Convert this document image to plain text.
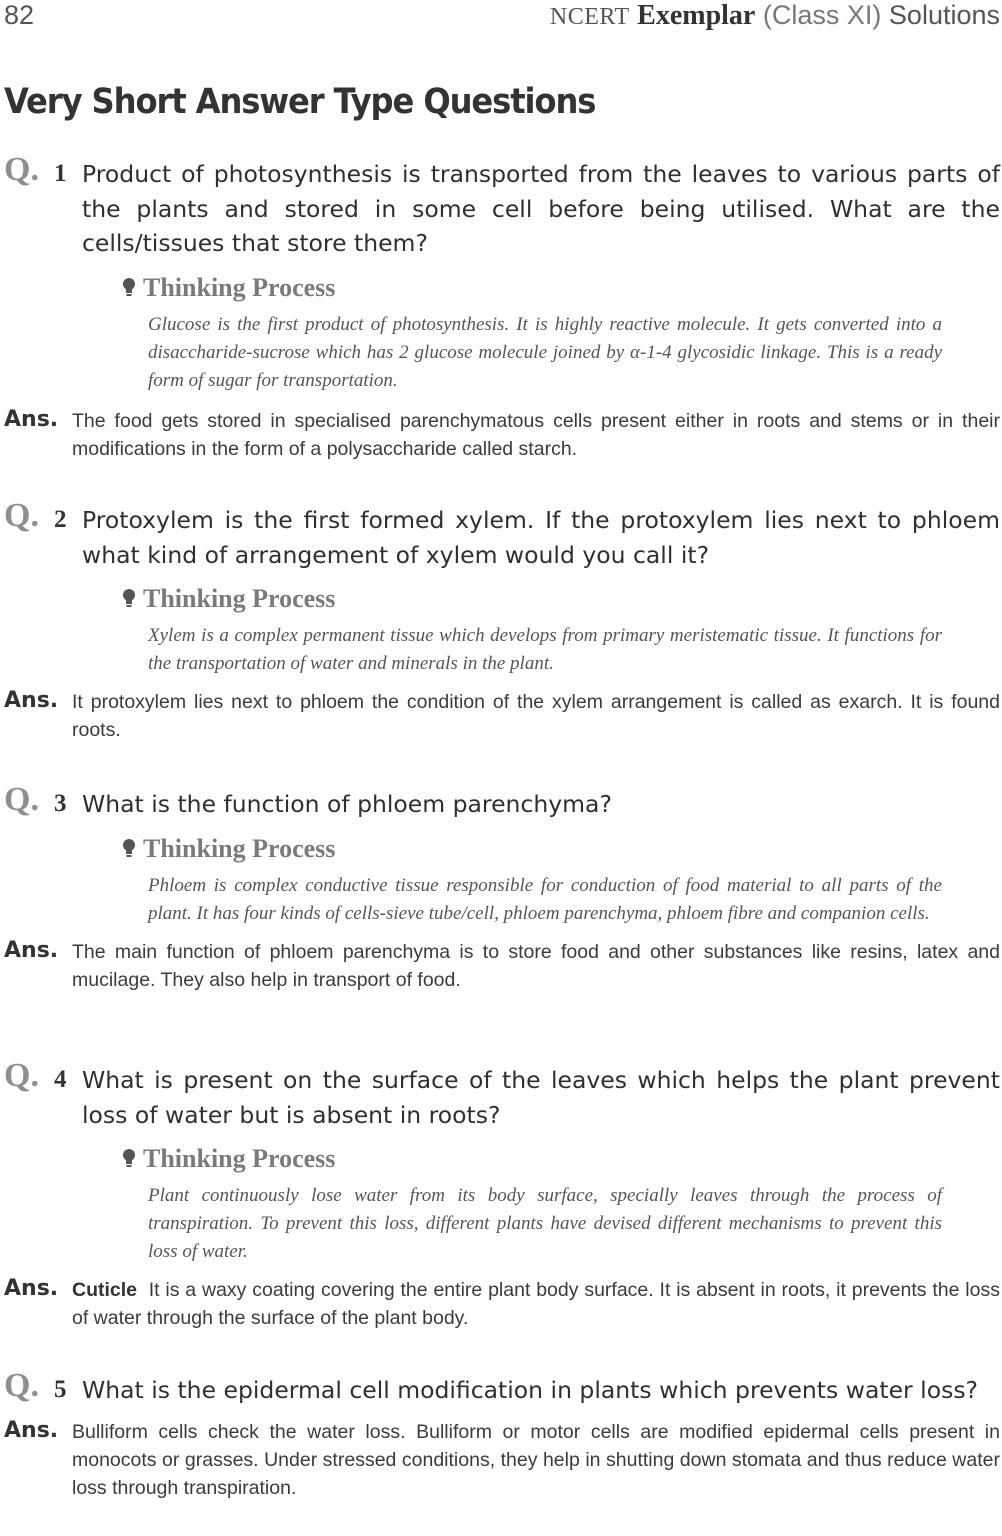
82	NCERT Exemplar (Class XI) Solutions
Very Short Answer Type Questions
Q. 1 Product of photosynthesis is transported from the leaves to various parts of the plants and stored in some cell before being utilised. What are the cells/tissues that store them?
Thinking Process
Glucose is the first product of photosynthesis. It is highly reactive molecule. It gets converted into a disaccharide-sucrose which has 2 glucose molecule joined by α-1-4 glycosidic linkage. This is a ready form of sugar for transportation.
Ans. The food gets stored in specialised parenchymatous cells present either in roots and stems or in their modifications in the form of a polysaccharide called starch.
Q. 2 Protoxylem is the first formed xylem. If the protoxylem lies next to phloem what kind of arrangement of xylem would you call it?
Thinking Process
Xylem is a complex permanent tissue which develops from primary meristematic tissue. It functions for the transportation of water and minerals in the plant.
Ans. It protoxylem lies next to phloem the condition of the xylem arrangement is called as exarch. It is found roots.
Q. 3 What is the function of phloem parenchyma?
Thinking Process
Phloem is complex conductive tissue responsible for conduction of food material to all parts of the plant. It has four kinds of cells-sieve tube/cell, phloem parenchyma, phloem fibre and companion cells.
Ans. The main function of phloem parenchyma is to store food and other substances like resins, latex and mucilage. They also help in transport of food.
Q. 4 What is present on the surface of the leaves which helps the plant prevent loss of water but is absent in roots?
Thinking Process
Plant continuously lose water from its body surface, specially leaves through the process of transpiration. To prevent this loss, different plants have devised different mechanisms to prevent this loss of water.
Ans. Cuticle It is a waxy coating covering the entire plant body surface. It is absent in roots, it prevents the loss of water through the surface of the plant body.
Q. 5 What is the epidermal cell modification in plants which prevents water loss?
Ans. Bulliform cells check the water loss. Bulliform or motor cells are modified epidermal cells present in monocots or grasses. Under stressed conditions, they help in shutting down stomata and thus reduce water loss through transpiration.
